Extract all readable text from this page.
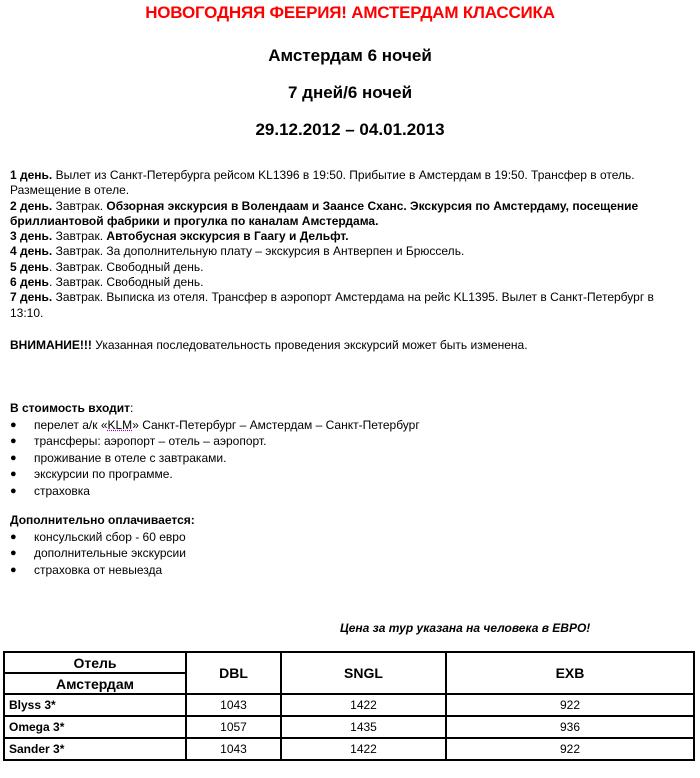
НОВОГОДНЯЯ ФЕЕРИЯ! АМСТЕРДАМ КЛАССИКА
Амстердам 6 ночей
7 дней/6 ночей
29.12.2012 – 04.01.2013

1 день. Вылет из Санкт-Петербурга рейсом KL1396 в 19:50. Прибытие в Амстердам в 19:50. Трансфер в отель. Размещение в отеле.

2 день. Завтрак. Обзорная экскурсия в Волендаам и Заансе Сханс. Экскурсия по Амстердаму, посещение бриллиантовой фабрики и прогулка по каналам Амстердама.

3 день. Завтрак. Автобусная экскурсия в Гаагу и Дельфт.

4 день. Завтрак. За дополнительную плату – экскурсия в Антверпен и Брюссель.

5 день. Завтрак. Свободный день.

6 день. Завтрак. Свободный день.

7 день. Завтрак. Выписка из отеля. Трансфер в аэропорт Амстердама на рейс KL1395. Вылет в Санкт-Петербург в 13:10.

ВНИМАНИЕ!!! Указанная последовательность проведения экскурсий может быть изменена.
В стоимость входит:
● перелет а/к «KLM» Санкт-Петербург – Амстердам – Санкт-Петербург
● трансферы: аэропорт – отель – аэропорт.
● проживание в отеле с завтраками.
● экскурсии по программе.
● страховка
Дополнительно оплачивается:
● консульский сбор - 60 евро
● дополнительные экскурсии
● страховка от невыезда
Цена за тур указана на человека в ЕВРО!
Отель	DBL	SNGL	EXB
Амстердам			
Blyss 3*	1043	1422	922
Omega 3*	1057	1435	936
Sander 3*	1043	1422	922
